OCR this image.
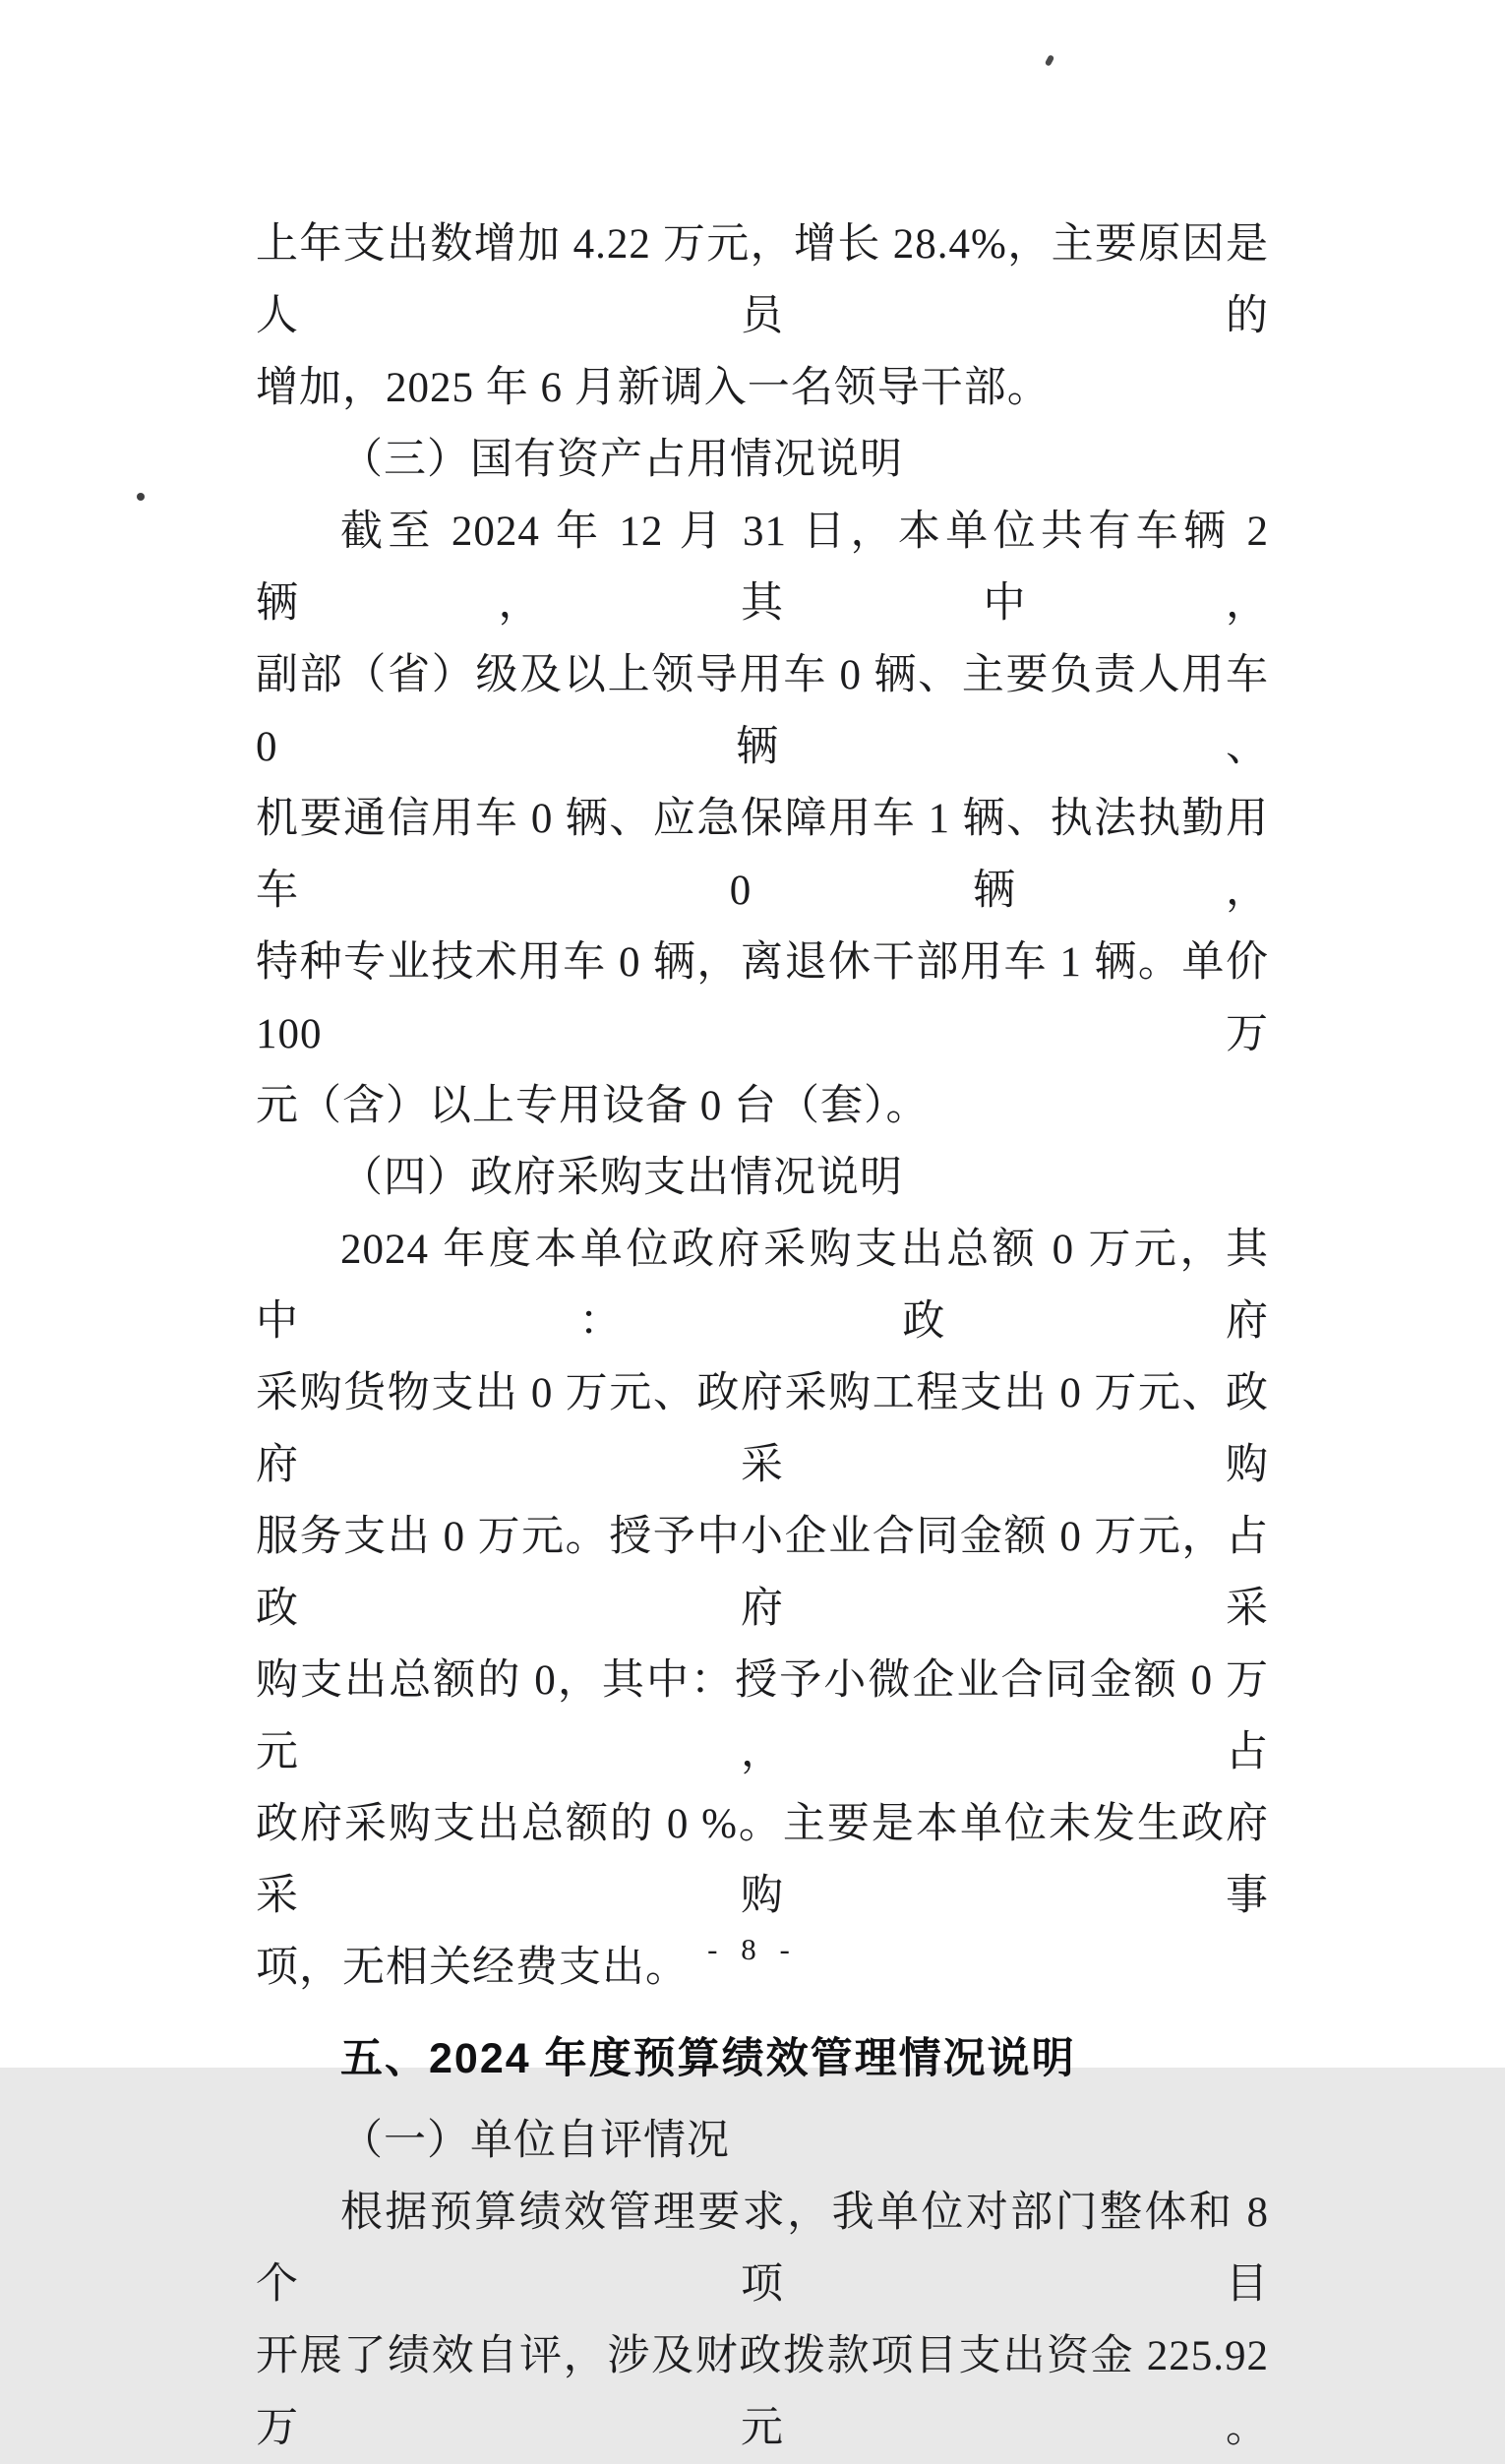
上年支出数增加 4.22 万元，增长 28.4%，主要原因是人员的
增加，2025 年 6 月新调入一名领导干部。
（三）国有资产占用情况说明
截至 2024 年 12 月 31 日，本单位共有车辆 2 辆，其中，
副部（省）级及以上领导用车 0 辆、主要负责人用车 0 辆、
机要通信用车 0 辆、应急保障用车 1 辆、执法执勤用车 0 辆，
特种专业技术用车 0 辆，离退休干部用车 1 辆。单价 100 万
元（含）以上专用设备 0 台（套）。
（四）政府采购支出情况说明
2024 年度本单位政府采购支出总额 0 万元，其中：政府
采购货物支出 0 万元、政府采购工程支出 0 万元、政府采购
服务支出 0 万元。授予中小企业合同金额 0 万元，占政府采
购支出总额的 0，其中：授予小微企业合同金额 0 万元，占
政府采购支出总额的 0 %。主要是本单位未发生政府采购事
项，无相关经费支出。
五、2024 年度预算绩效管理情况说明
（一）单位自评情况
根据预算绩效管理要求，我单位对部门整体和 8 个项目
开展了绩效自评，涉及财政拨款项目支出资金 225.92 万元。
- 8 -
